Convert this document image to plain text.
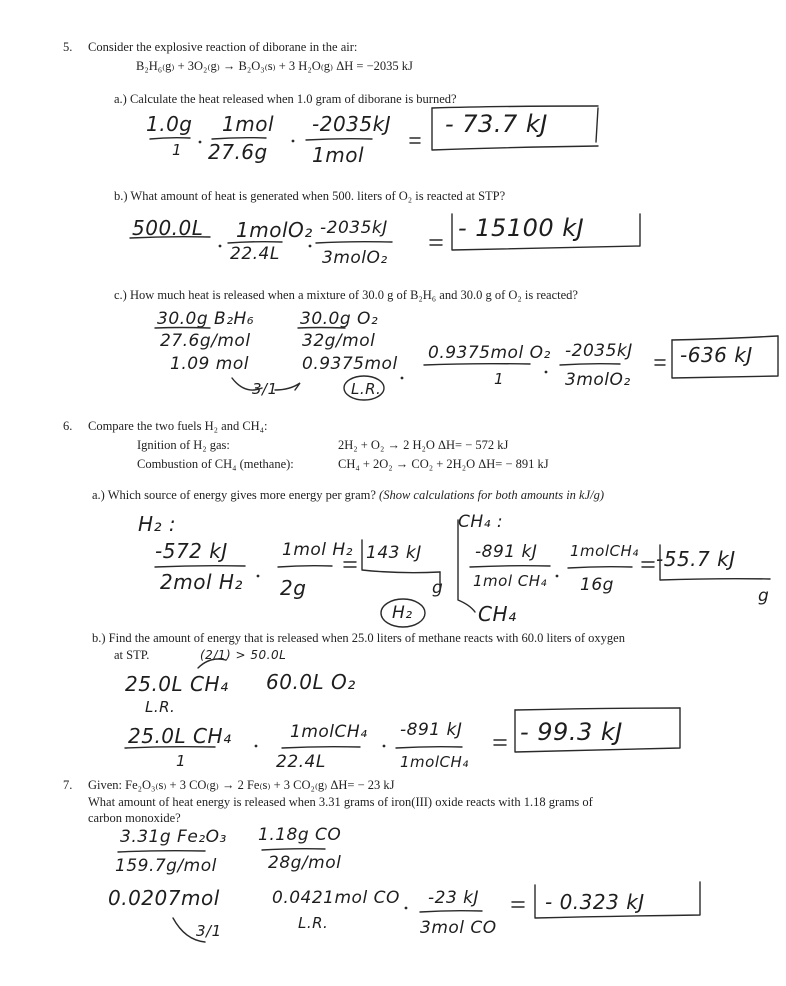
5. Consider the explosive reaction of diborane in the air:
B₂H₆₍g₎ + 3O₂₍g₎ → B₂O₃₍s₎ + 3 H₂O₍g₎ ΔH = −2035 kJ
a.) Calculate the heat released when 1.0 gram of diborane is burned?
1.0g
1
1mol
27.6g
-2035kJ
1mol
- 73.7 kJ
b.) What amount of heat is generated when 500. liters of O₂ is reacted at STP?
500.0L 1molO₂
22.4L
-2035kJ
3molO₂
- 15100 kJ
c.) How much heat is released when a mixture of 30.0 g of B₂H₆ and 30.0 g of O₂ is reacted?
30.0g B₂H₆
27.6g/mol
1.09 mol
30.0g O₂
32g/mol
0.9375mol
3/1	L.R.
0.9375mol O₂
1
-2035kJ
3molO₂
-636 kJ
6. Compare the two fuels H₂ and CH₄:
Ignition of H₂ gas:	2H₂ + O₂ → 2 H₂O ΔH= − 572 kJ
Combustion of CH₄ (methane):	CH₄ + 2O₂ → CO₂ + 2H₂O ΔH= − 891 kJ
a.) Which source of energy gives more energy per gram? (Show calculations for both amounts in kJ/g)
H₂ :
-572 kJ
2mol H₂
1mol H₂
2g
143 kJ
g
CH₄ :
-891 kJ
1mol CH₄
1molCH₄
16g
-55.7 kJ
g
H₂	CH₄
b.) Find the amount of energy that is released when 25.0 liters of methane reacts with 60.0 liters of oxygen
at STP.	(2/1) > 50.0L
25.0L CH₄
L.R.
60.0L O₂
25.0L CH₄
1
1molCH₄
22.4L
-891 kJ
1molCH₄
- 99.3 kJ
7. Given: Fe₂O₃₍s₎ + 3 CO₍g₎ → 2 Fe₍s₎ + 3 CO₂₍g₎ ΔH= − 23 kJ
What amount of heat energy is released when 3.31 grams of iron(III) oxide reacts with 1.18 grams of
carbon monoxide?
3.31g Fe₂O₃
159.7g/mol
0.0207mol
1.18g CO
28g/mol
3/1
0.0421mol CO
L.R.
-23 kJ
3mol CO
- 0.323 kJ
